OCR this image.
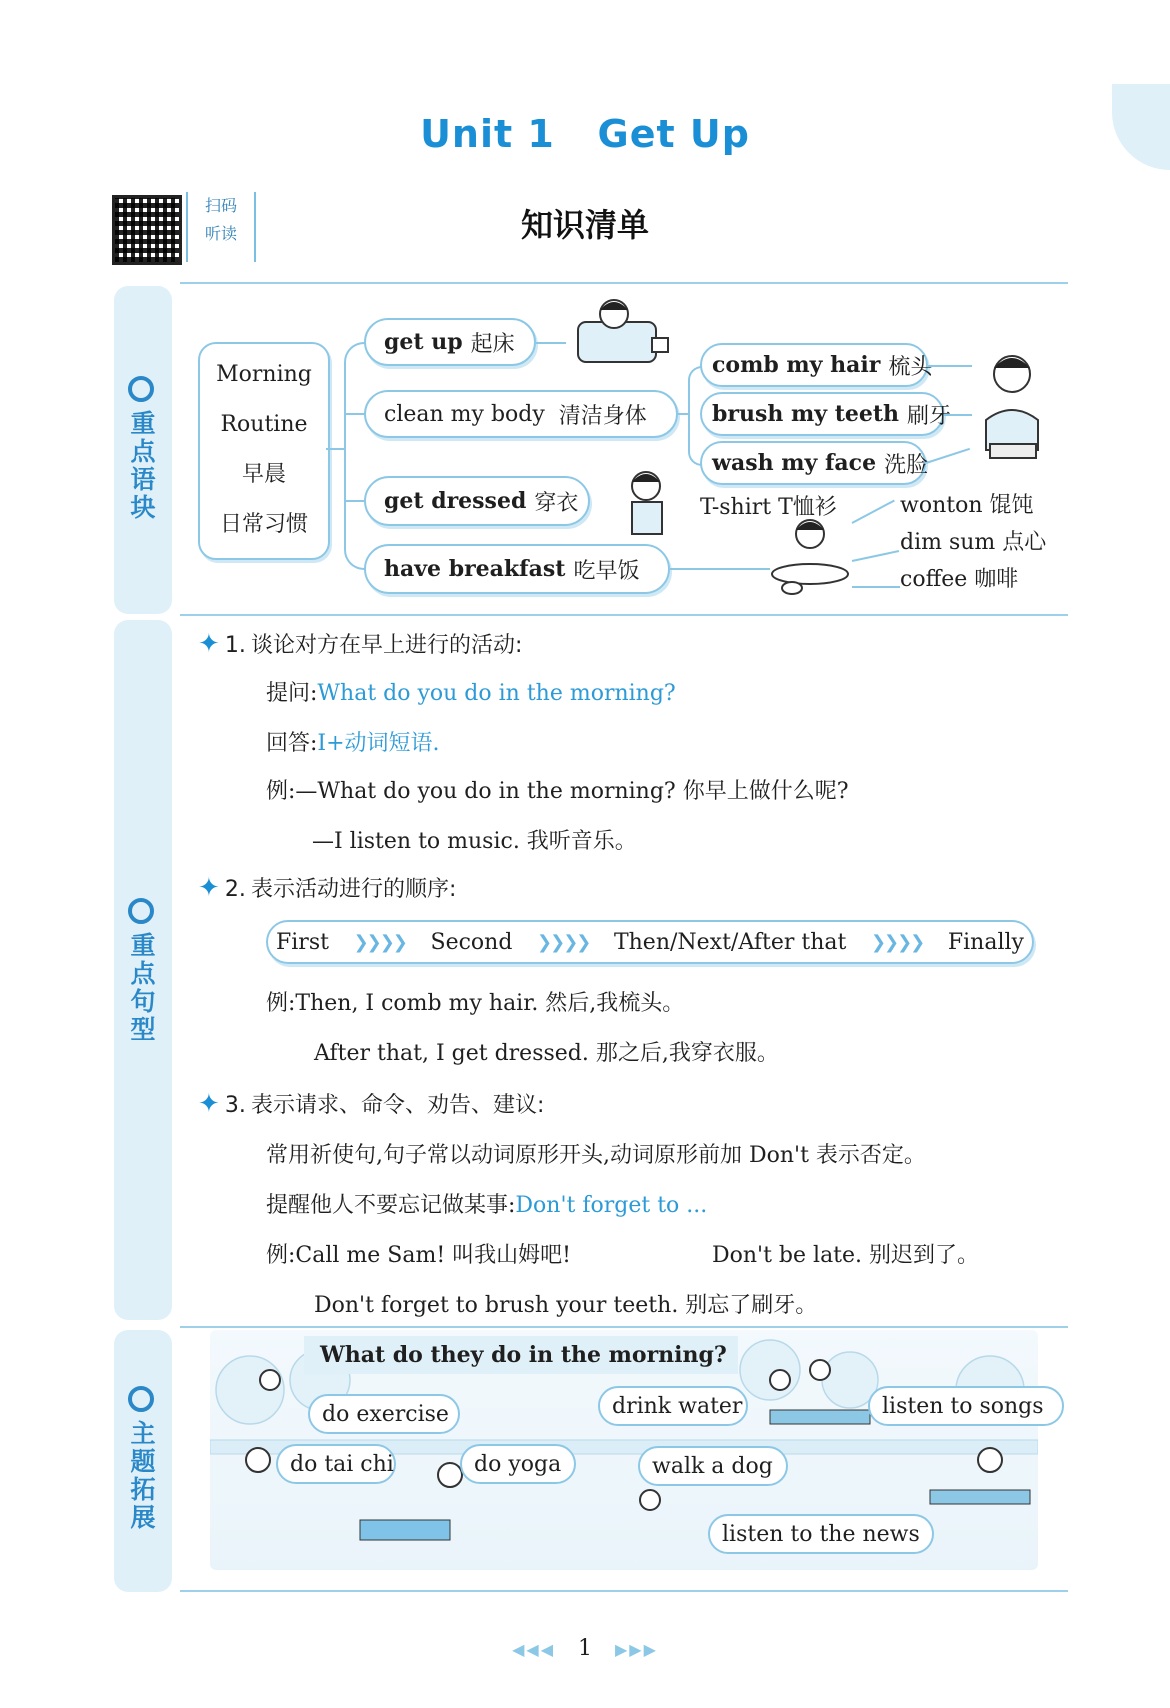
Unit 1   Get Up
扫码
听读	知识清单
重
点
语
块
重
点
句
型
主
题
拓
展
Morning
Routine
早晨
日常习惯
get up 起床
clean my body 清洁身体
get dressed 穿衣
have breakfast 吃早饭
comb my hair 梳头
brush my teeth 刷牙
wash my face 洗脸
T-shirt T恤衫	wonton 馄饨
dim sum 点心
coffee 咖啡
✦ 1. 谈论对方在早上进行的活动:
提问:What do you do in the morning?
回答:I+动词短语.
例:—What do you do in the morning? 你早上做什么呢?
—I listen to music. 我听音乐。
✦ 2. 表示活动进行的顺序:
First ❯❯❯❯ Second ❯❯❯❯ Then/Next/After that ❯❯❯❯ Finally
例:Then, I comb my hair. 然后,我梳头。
After that, I get dressed. 那之后,我穿衣服。
✦ 3. 表示请求、命令、劝告、建议:
常用祈使句,句子常以动词原形开头,动词原形前加 Don't 表示否定。
提醒他人不要忘记做某事:Don't forget to ...
例:Call me Sam! 叫我山姆吧!	Don't be late. 别迟到了。
Don't forget to brush your teeth. 别忘了刷牙。
What do they do in the morning?
do exercise	drink water	listen to songs
do tai chi	do yoga	walk a dog
listen to the news
◀◀◀ 1 ▶▶▶
